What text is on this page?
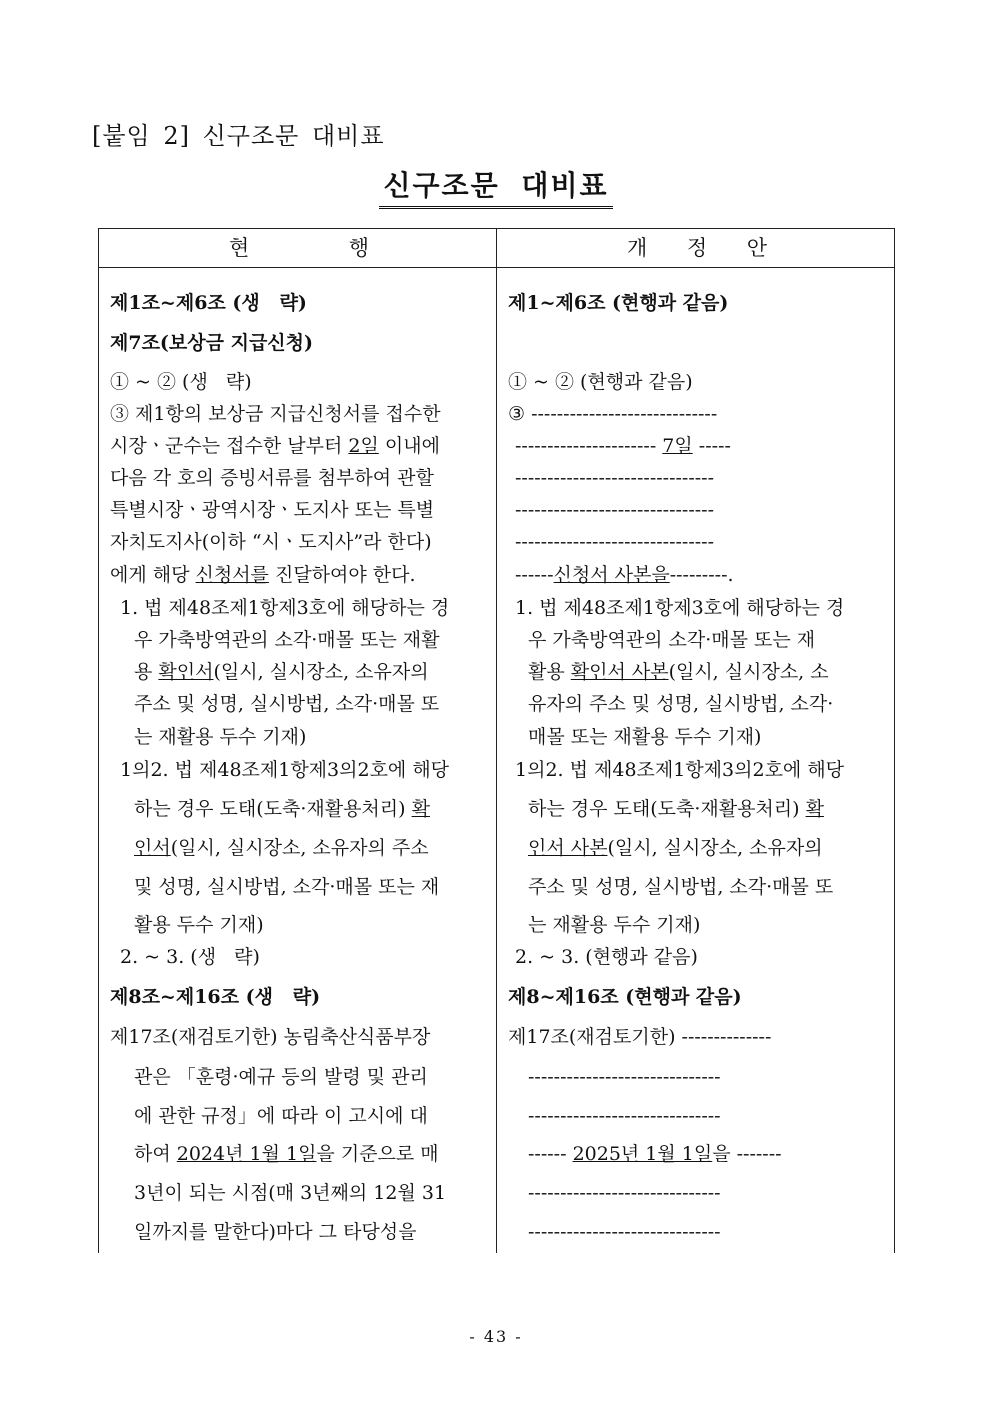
[붙임 2] 신구조문 대비표
신구조문 대비표
현	행	개 정 안
제1조~제6조 (생   략)
제7조(보상금 지급신청)
① ~ ② (생   략)
③ 제1항의 보상금 지급신청서를 접수한
시장ㆍ군수는 접수한 날부터 2일 이내에
다음 각 호의 증빙서류를 첨부하여 관할
특별시장ㆍ광역시장ㆍ도지사 또는 특별
자치도지사(이하 “시ㆍ도지사”라 한다)
에게 해당 신청서를 진달하여야 한다.
1. 법 제48조제1항제3호에 해당하는 경
우 가축방역관의 소각·매몰 또는 재활
용 확인서(일시, 실시장소, 소유자의
주소 및 성명, 실시방법, 소각·매몰 또
는 재활용 두수 기재)
1의2. 법 제48조제1항제3의2호에 해당
하는 경우 도태(도축·재활용처리) 확
인서(일시, 실시장소, 소유자의 주소
및 성명, 실시방법, 소각·매몰 또는 재
활용 두수 기재)
2. ~ 3. (생   략)
제8조~제16조 (생   략)
제17조(재검토기한) 농림축산식품부장
관은 「훈령·예규 등의 발령 및 관리
에 관한 규정」에 따라 이 고시에 대
하여 2024년 1월 1일을 기준으로 매
3년이 되는 시점(매 3년째의 12월 31
일까지를 말한다)마다 그 타당성을
제1~제6조 (현행과 같음)
① ~ ② (현행과 같음)
③ -----------------------------
---------------------- 7일 -----
-------------------------------
-------------------------------
-------------------------------
------신청서 사본을---------.
1. 법 제48조제1항제3호에 해당하는 경
우 가축방역관의 소각·매몰 또는 재
활용 확인서 사본(일시, 실시장소, 소
유자의 주소 및 성명, 실시방법, 소각·
매몰 또는 재활용 두수 기재)
1의2. 법 제48조제1항제3의2호에 해당
하는 경우 도태(도축·재활용처리) 확
인서 사본(일시, 실시장소, 소유자의
주소 및 성명, 실시방법, 소각·매몰 또
는 재활용 두수 기재)
2. ~ 3. (현행과 같음)
제8~제16조 (현행과 같음)
제17조(재검토기한) --------------
------------------------------
------------------------------
------ 2025년 1월 1일을 -------
------------------------------
------------------------------
- 43 -
